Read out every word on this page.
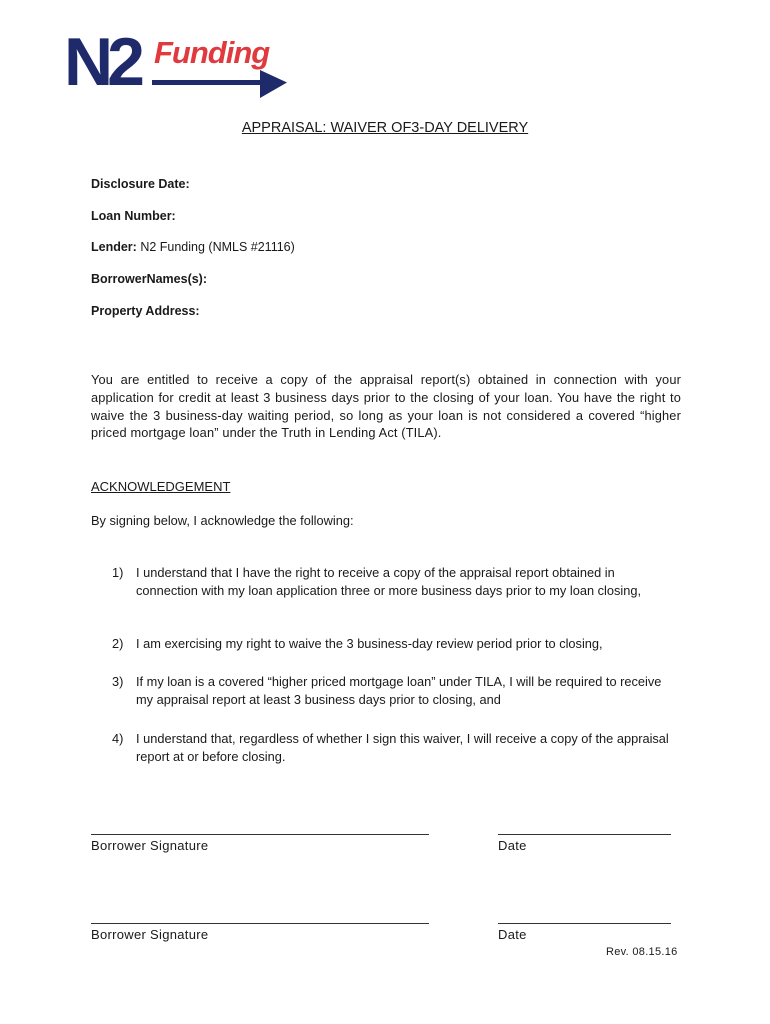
N2 Funding
APPRAISAL: WAIVER OF3-DAY DELIVERY
Disclosure Date:
Loan Number:
Lender: N2 Funding (NMLS #21116)
BorrowerNames(s):
Property Address:
You are entitled to receive a copy of the appraisal report(s) obtained in connection with your application for credit at least 3 business days prior to the closing of your loan. You have the right to waive the 3 business-day waiting period, so long as your loan is not considered a covered “higher priced mortgage loan” under the Truth in Lending Act (TILA).
ACKNOWLEDGEMENT
By signing below, I acknowledge the following:
1) I understand that I have the right to receive a copy of the appraisal report obtained in connection with my loan application three or more business days prior to my loan closing,
2) I am exercising my right to waive the 3 business-day review period prior to closing,
3) If my loan is a covered “higher priced mortgage loan” under TILA, I will be required to receive my appraisal report at least 3 business days prior to closing, and
4) I understand that, regardless of whether I sign this waiver, I will receive a copy of the appraisal report at or before closing.
Borrower Signature	Date
Borrower Signature	Date
Rev. 08.15.16
